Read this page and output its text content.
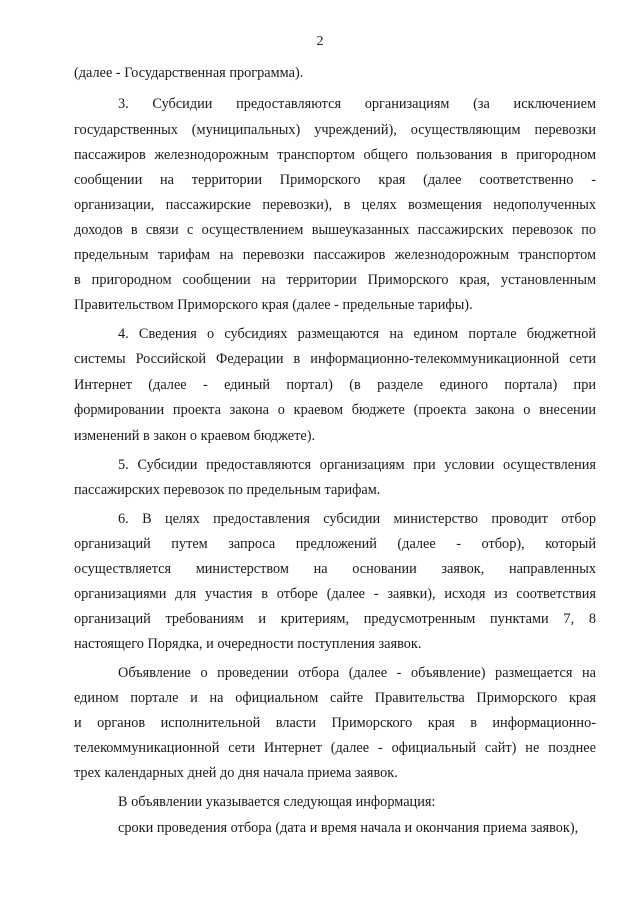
2
(далее - Государственная программа).
3. Субсидии предоставляются организациям (за исключением
государственных (муниципальных) учреждений), осуществляющим перевозки
пассажиров железнодорожным транспортом общего пользования в пригородном
сообщении на территории Приморского края (далее соответственно -
организации, пассажирские перевозки), в целях возмещения недополученных
доходов в связи с осуществлением вышеуказанных пассажирских перевозок по
предельным тарифам на перевозки пассажиров железнодорожным транспортом
в пригородном сообщении на территории Приморского края, установленным
Правительством Приморского края (далее - предельные тарифы).
4. Сведения о субсидиях размещаются на едином портале бюджетной
системы Российской Федерации в информационно-телекоммуникационной сети
Интернет (далее - единый портал) (в разделе единого портала) при
формировании проекта закона о краевом бюджете (проекта закона о внесении
изменений в закон о краевом бюджете).
5. Субсидии предоставляются организациям при условии осуществления
пассажирских перевозок по предельным тарифам.
6. В целях предоставления субсидии министерство проводит отбор
организаций путем запроса предложений (далее - отбор), который
осуществляется министерством на основании заявок, направленных
организациями для участия в отборе (далее - заявки), исходя из соответствия
организаций требованиям и критериям, предусмотренным пунктами 7, 8
настоящего Порядка, и очередности поступления заявок.
Объявление о проведении отбора (далее - объявление) размещается на
едином портале и на официальном сайте Правительства Приморского края
и органов исполнительной власти Приморского края в информационно-
телекоммуникационной сети Интернет (далее - официальный сайт) не позднее
трех календарных дней до дня начала приема заявок.
В объявлении указывается следующая информация:
сроки проведения отбора (дата и время начала и окончания приема заявок),
